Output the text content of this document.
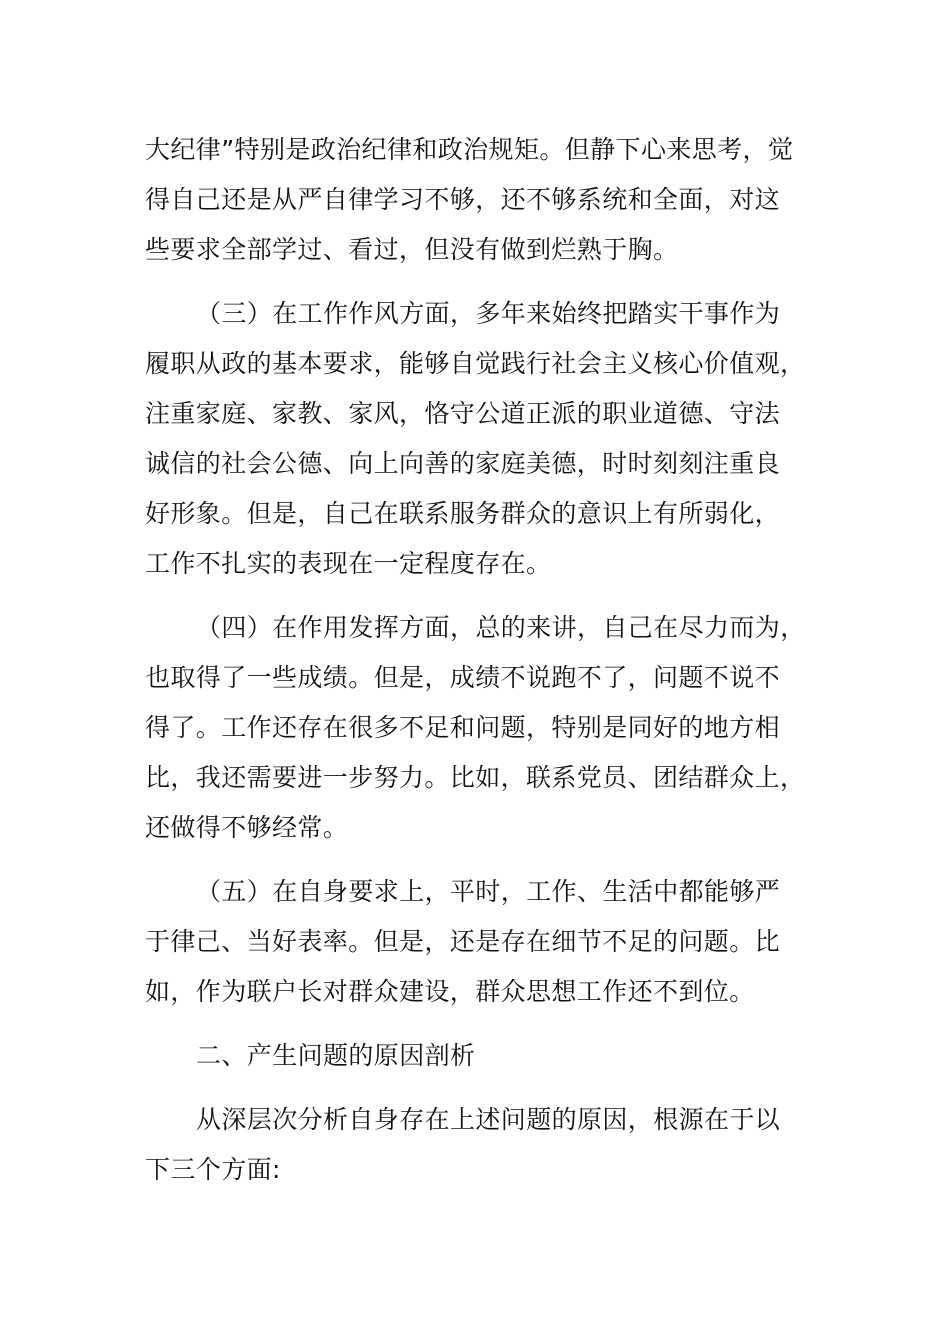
大纪律”特别是政治纪律和政治规矩。但静下心来思考，觉
得自己还是从严自律学习不够，还不够系统和全面，对这
些要求全部学过、看过，但没有做到烂熟于胸。
（三）在工作作风方面，多年来始终把踏实干事作为
履职从政的基本要求，能够自觉践行社会主义核心价值观，
注重家庭、家教、家风，恪守公道正派的职业道德、守法
诚信的社会公德、向上向善的家庭美德，时时刻刻注重良
好形象。但是，自己在联系服务群众的意识上有所弱化，
工作不扎实的表现在一定程度存在。
（四）在作用发挥方面，总的来讲，自己在尽力而为，
也取得了一些成绩。但是，成绩不说跑不了，问题不说不
得了。工作还存在很多不足和问题，特别是同好的地方相
比，我还需要进一步努力。比如，联系党员、团结群众上，
还做得不够经常。
（五）在自身要求上，平时，工作、生活中都能够严
于律己、当好表率。但是，还是存在细节不足的问题。比
如，作为联户长对群众建设，群众思想工作还不到位。
二、产生问题的原因剖析
从深层次分析自身存在上述问题的原因，根源在于以
下三个方面:
